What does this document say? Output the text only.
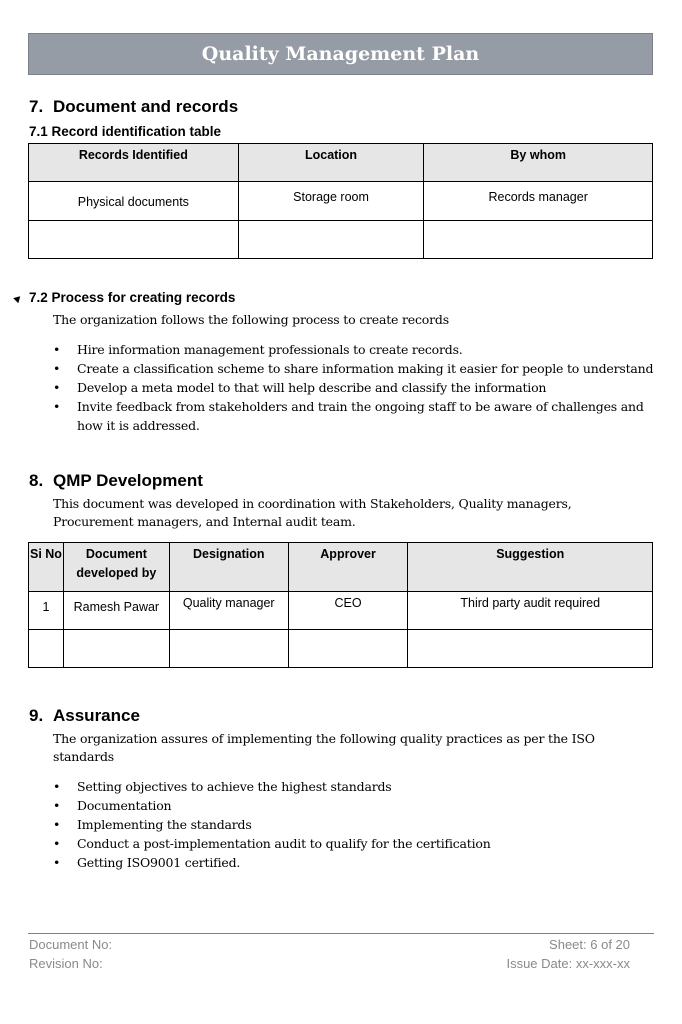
Quality Management Plan
7. Document and records
7.1 Record identification table
Records Identified	Location	By whom
Physical documents	Storage room	Records manager

7.2 Process for creating records
The organization follows the following process to create records
• Hire information management professionals to create records.
• Create a classification scheme to share information making it easier for people to understand
• Develop a meta model to that will help describe and classify the information
• Invite feedback from stakeholders and train the ongoing staff to be aware of challenges and how it is addressed.
8. QMP Development
This document was developed in coordination with Stakeholders, Quality managers, Procurement managers, and Internal audit team.
Si No	Document developed by	Designation	Approver	Suggestion
1	Ramesh Pawar	Quality manager	CEO	Third party audit required

9. Assurance
The organization assures of implementing the following quality practices as per the ISO standards
• Setting objectives to achieve the highest standards
• Documentation
• Implementing the standards
• Conduct a post-implementation audit to qualify for the certification
• Getting ISO9001 certified.
Document No:
Revision No:
Sheet: 6 of 20
Issue Date: xx-xxx-xx
